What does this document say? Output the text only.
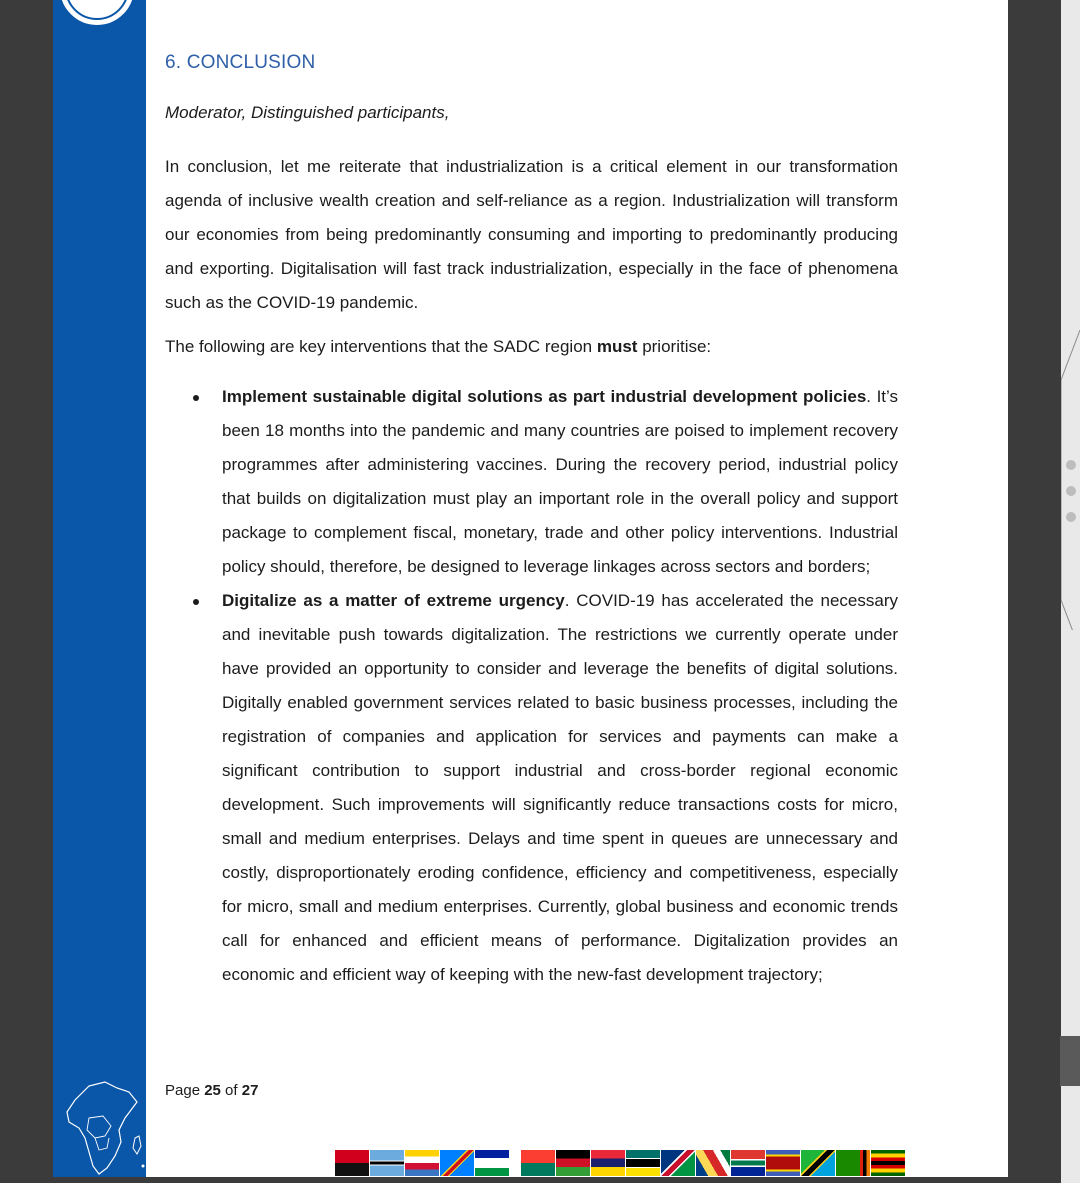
6. CONCLUSION
Moderator, Distinguished participants,
In conclusion, let me reiterate that industrialization is a critical element in our transformation agenda of inclusive wealth creation and self-reliance as a region. Industrialization will transform our economies from being predominantly consuming and importing to predominantly producing and exporting. Digitalisation will fast track industrialization, especially in the face of phenomena such as the COVID-19 pandemic.
The following are key interventions that the SADC region must prioritise:
Implement sustainable digital solutions as part industrial development policies. It’s been 18 months into the pandemic and many countries are poised to implement recovery programmes after administering vaccines. During the recovery period, industrial policy that builds on digitalization must play an important role in the overall policy and support package to complement fiscal, monetary, trade and other policy interventions. Industrial policy should, therefore, be designed to leverage linkages across sectors and borders;
Digitalize as a matter of extreme urgency. COVID-19 has accelerated the necessary and inevitable push towards digitalization. The restrictions we currently operate under have provided an opportunity to consider and leverage the benefits of digital solutions. Digitally enabled government services related to basic business processes, including the registration of companies and application for services and payments can make a significant contribution to support industrial and cross-border regional economic development. Such improvements will significantly reduce transactions costs for micro, small and medium enterprises. Delays and time spent in queues are unnecessary and costly, disproportionately eroding confidence, efficiency and competitiveness, especially for micro, small and medium enterprises. Currently, global business and economic trends call for enhanced and efficient means of performance. Digitalization provides an economic and efficient way of keeping with the new-fast development trajectory;
Page 25 of 27
